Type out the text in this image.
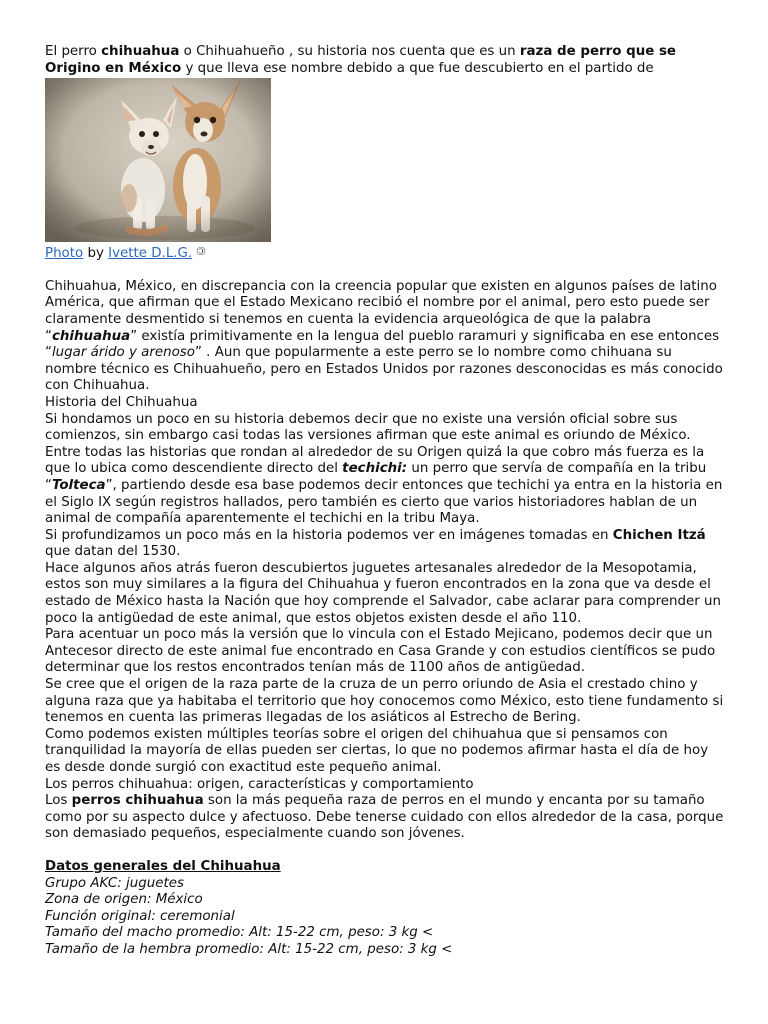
El perro chihuahua o Chihuahueño , su historia nos cuenta que es un raza de perro que se Origino en México y que lleva ese nombre debido a que fue descubierto en el partido de

Photo by Ivette D.L.G. 🄯

Chihuahua, México, en discrepancia con la creencia popular que existen en algunos países de latino América, que afirman que el Estado Mexicano recibió el nombre por el animal, pero esto puede ser claramente desmentido si tenemos en cuenta la evidencia arqueológica de que la palabra “chihuahua” existía primitivamente en la lengua del pueblo raramuri y significaba en ese entonces “lugar árido y arenoso” . Aun que popularmente a este perro se lo nombre como chihuana su nombre técnico es Chihuahueño, pero en Estados Unidos por razones desconocidas es más conocido con Chihuahua.

Historia del Chihuahua

Si hondamos un poco en su historia debemos decir que no existe una versión oficial sobre sus comienzos, sin embargo casi todas las versiones afirman que este animal es oriundo de México. Entre todas las historias que rondan al alrededor de su Origen quizá la que cobro más fuerza es la que lo ubica como descendiente directo del techichi: un perro que servía de compañía en la tribu “Tolteca”, partiendo desde esa base podemos decir entonces que techichi ya entra en la historia en el Siglo IX según registros hallados, pero también es cierto que varios historiadores hablan de un animal de compañía aparentemente el techichi en la tribu Maya.

Si profundizamos un poco más en la historia podemos ver en imágenes tomadas en Chichen Itzá que datan del 1530.

Hace algunos años atrás fueron descubiertos juguetes artesanales alrededor de la Mesopotamia, estos son muy similares a la figura del Chihuahua y fueron encontrados en la zona que va desde el estado de México hasta la Nación que hoy comprende el Salvador, cabe aclarar para comprender un poco la antigüedad de este animal, que estos objetos existen desde el año 110.

Para acentuar un poco más la versión que lo vincula con el Estado Mejicano, podemos decir que un Antecesor directo de este animal fue encontrado en Casa Grande y con estudios científicos se pudo determinar que los restos encontrados tenían más de 1100 años de antigüedad.

Se cree que el origen de la raza parte de la cruza de un perro oriundo de Asia el crestado chino y alguna raza que ya habitaba el territorio que hoy conocemos como México, esto tiene fundamento si tenemos en cuenta las primeras llegadas de los asiáticos al Estrecho de Bering.

Como podemos existen múltiples teorías sobre el origen del chihuahua que si pensamos con tranquilidad la mayoría de ellas pueden ser ciertas, lo que no podemos afirmar hasta el día de hoy es desde donde surgió con exactitud este pequeño animal.

Los perros chihuahua: origen, características y comportamiento

Los perros chihuahua son la más pequeña raza de perros en el mundo y encanta por su tamaño como por su aspecto dulce y afectuoso. Debe tenerse cuidado con ellos alrededor de la casa, porque son demasiado pequeños, especialmente cuando son jóvenes.

Datos generales del Chihuahua

Grupo AKC: juguetes

Zona de origen: México

Función original: ceremonial

Tamaño del macho promedio: Alt: 15-22 cm, peso: 3 kg <

Tamaño de la hembra promedio: Alt: 15-22 cm, peso: 3 kg <
